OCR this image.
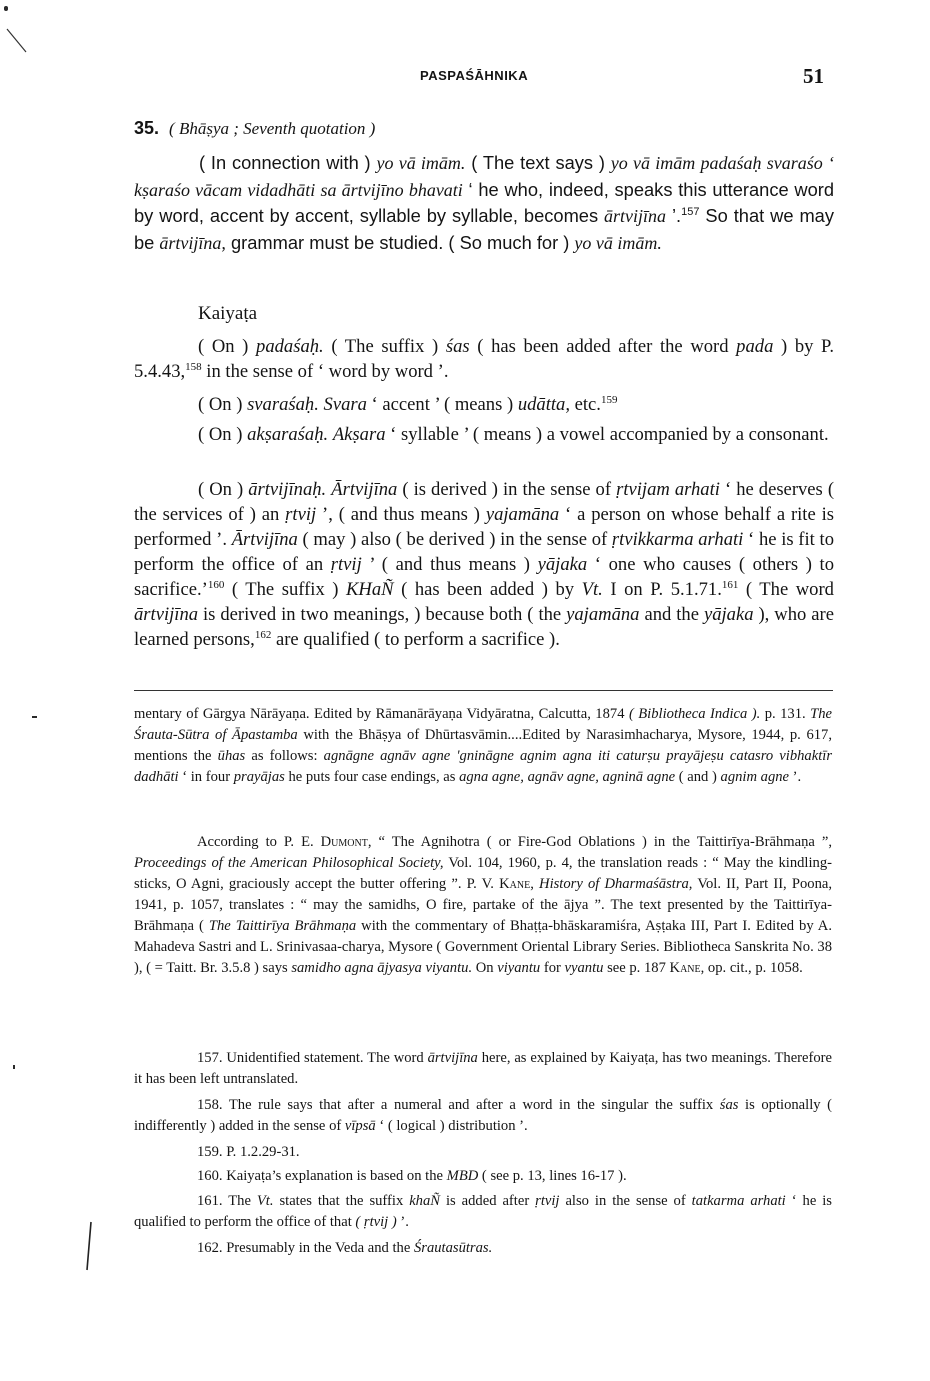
PASPAŚĀHNIKA	51
35. ( Bhāṣya ; Seventh quotation )
( In connection with ) yo vā imām. ( The text says ) yo vā imām padaśaḥ svaraśo ‘ kṣaraśo vācam vidadhāti sa ārtvijīno bhavati ‘ he who, indeed, speaks this utterance word by word, accent by accent, syllable by syllable, becomes ārtvijīna ’.$^{157}$ So that we may be ārtvijīna, grammar must be studied. ( So much for ) yo vā imām.
Kaiyaṭa
( On ) padaśaḥ. ( The suffix ) śas ( has been added after the word pada ) by P. 5.4.43,$^{158}$ in the sense of ‘ word by word ’.
( On ) svaraśaḥ. Svara ‘ accent ’ ( means ) udātta, etc.$^{159}$
( On ) akṣaraśaḥ. Akṣara ‘ syllable ’ ( means ) a vowel accompanied by a consonant.
( On ) ārtvijīnaḥ. Ārtvijīna ( is derived ) in the sense of ṛtvijam arhati ‘ he deserves ( the services of ) an ṛtvij ’, ( and thus means ) yajamāna ‘ a person on whose behalf a rite is performed ’. Ārtvijīna ( may ) also ( be derived ) in the sense of ṛtvikkarma arhati ‘ he is fit to perform the office of an ṛtvij ’ ( and thus means ) yājaka ‘ one who causes ( others ) to sacrifice.’$^{160}$ ( The suffix ) KHaÑ ( has been added ) by Vt. I on P. 5.1.71.$^{161}$ ( The word ārtvijīna is derived in two meanings, ) because both ( the yajamāna and the yājaka ), who are learned persons,$^{162}$ are qualified ( to perform a sacrifice ).
mentary of Gārgya Nārāyaṇa. Edited by Rāmanārāyaṇa Vidyāratna, Calcutta, 1874 ( Bibliotheca Indica ). p. 131. The Śrauta-Sūtra of Āpastamba with the Bhāṣya of Dhūrtasvāmin....Edited by Narasimhacharya, Mysore, 1944, p. 617, mentions the ūhas as follows: agnāgne agnāv agne 'gnināgne agnim agna iti caturṣu prayājeṣu catasro vibhaktīr dadhāti ‘ in four prayājas he puts four case endings, as agna agne, agnāv agne, agninā agne ( and ) agnim agne ’.
According to P. E. Dumont, “ The Agnihotra ( or Fire-God Oblations ) in the Taittirīya-Brāhmaṇa ”, Proceedings of the American Philosophical Society, Vol. 104, 1960, p. 4, the translation reads : “ May the kindling-sticks, O Agni, graciously accept the butter offering ”. P. V. Kane, History of Dharmaśāstra, Vol. II, Part II, Poona, 1941, p. 1057, translates : “ may the samidhs, O fire, partake of the ājya ”. The text presented by the Taittirīya-Brāhmaṇa ( The Taittirīya Brāhmaṇa with the commentary of Bhaṭṭa-bhāskaramiśra, Aṣṭaka III, Part I. Edited by A. Mahadeva Sastri and L. Srinivasaa-charya, Mysore ( Government Oriental Library Series. Bibliotheca Sanskrita No. 38 ), ( = Taitt. Br. 3.5.8 ) says samidho agna ājyasya viyantu. On viyantu for vyantu see p. 187 Kane, op. cit., p. 1058.
157. Unidentified statement. The word ārtvijīna here, as explained by Kaiyaṭa, has two meanings. Therefore it has been left untranslated.
158. The rule says that after a numeral and after a word in the singular the suffix śas is optionally ( indifferently ) added in the sense of vīpsā ‘ ( logical ) distribution ’.
159. P. 1.2.29-31.
160. Kaiyaṭa’s explanation is based on the MBD ( see p. 13, lines 16-17 ).
161. The Vt. states that the suffix khaÑ is added after ṛtvij also in the sense of tatkarma arhati ‘ he is qualified to perform the office of that ( ṛtvij ) ’.
162. Presumably in the Veda and the Śrautasūtras.
